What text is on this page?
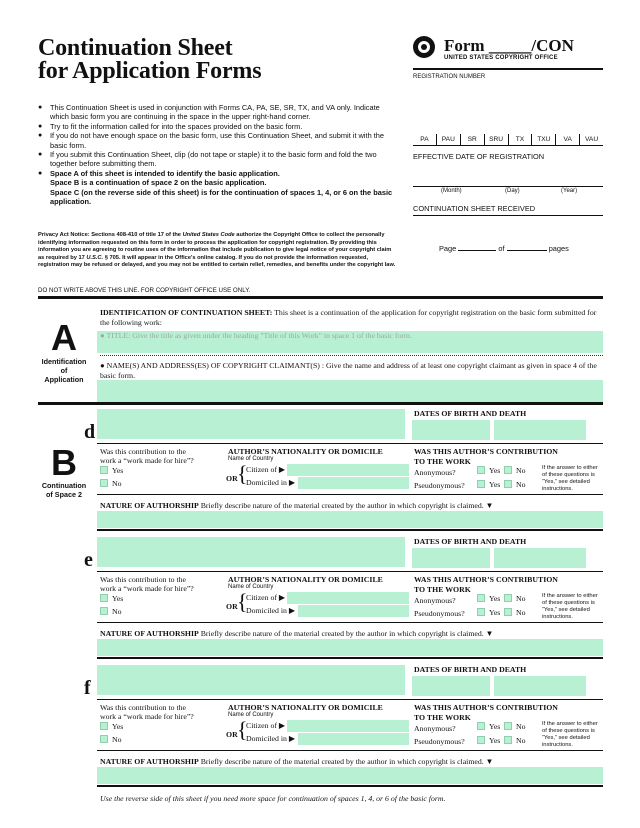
Continuation Sheet
for Application Forms
Form _____/CON
UNITED STATES COPYRIGHT OFFICE
REGISTRATION NUMBER
PA	PAU	SR	SRU	TX	TXU	VA	VAU
EFFECTIVE DATE OF REGISTRATION
(Month)	(Day)	(Year)
CONTINUATION SHEET RECEIVED
Page	of	pages
● This Continuation Sheet is used in conjunction with Forms CA, PA, SE, SR, TX, and VA only. Indicate which basic form you are continuing in the space in the upper right-hand corner.
● Try to fit the information called for into the spaces provided on the basic form.
● If you do not have enough space on the basic form, use this Continuation Sheet, and submit it with the basic form.
● If you submit this Continuation Sheet, clip (do not tape or staple) it to the basic form and fold the two together before submitting them.
● Space A of this sheet is intended to identify the basic application.
Space B is a continuation of space 2 on the basic application.
Space C (on the reverse side of this sheet) is for the continuation of spaces 1, 4, or 6 on the basic application.
Privacy Act Notice: Sections 408-410 of title 17 of the United States Code authorize the Copyright Office to collect the personally identifying information requested on this form in order to process the application for copyright registration. By providing this information you are agreeing to routine uses of the information that include publication to give legal notice of your copyright claim as required by 17 U.S.C. § 705. It will appear in the Office's online catalog. If you do not provide the information requested, registration may be refused or delayed, and you may not be entitled to certain relief, remedies, and benefits under the copyright law.
DO NOT WRITE ABOVE THIS LINE. FOR COPYRIGHT OFFICE USE ONLY.
A
Identification
of
Application
IDENTIFICATION OF CONTINUATION SHEET: This sheet is a continuation of the application for copyright registration on the basic form submitted for the following work:
● TITLE: Give the title as given under the heading "Title of this Work" in space 1 of the basic form.
● NAME(S) AND ADDRESS(ES) OF COPYRIGHT CLAIMANT(S) : Give the name and address of at least one copyright claimant as given in space 4 of the basic form.
B
Continuation
of Space 2
DATES OF BIRTH AND DEATH
d
Was this contribution to the
work a “work made for hire”?
Yes
No
AUTHOR’S NATIONALITY OR DOMICILE
Name of Country
OR {
Citizen of ▶
Domiciled in ▶
WAS THIS AUTHOR’S CONTRIBUTION
TO THE WORK
Anonymous?	Yes	No
Pseudonymous?	Yes	No
If the answer to either
of these questions is
“Yes,” see detailed
instructions.
NATURE OF AUTHORSHIP Briefly describe nature of the material created by the author in which copyright is claimed. ▼
DATES OF BIRTH AND DEATH
e
Was this contribution to the
work a “work made for hire”?
Yes
No
AUTHOR’S NATIONALITY OR DOMICILE
Name of Country
OR {
Citizen of ▶
Domiciled in ▶
WAS THIS AUTHOR’S CONTRIBUTION
TO THE WORK
Anonymous?	Yes	No
Pseudonymous?	Yes	No
If the answer to either
of these questions is
“Yes,” see detailed
instructions.
NATURE OF AUTHORSHIP Briefly describe nature of the material created by the author in which copyright is claimed. ▼
DATES OF BIRTH AND DEATH
f
Was this contribution to the
work a “work made for hire”?
Yes
No
AUTHOR’S NATIONALITY OR DOMICILE
Name of Country
OR {
Citizen of ▶
Domiciled in ▶
WAS THIS AUTHOR’S CONTRIBUTION
TO THE WORK
Anonymous?	Yes	No
Pseudonymous?	Yes	No
If the answer to either
of these questions is
“Yes,” see detailed
instructions.
NATURE OF AUTHORSHIP Briefly describe nature of the material created by the author in which copyright is claimed. ▼
Use the reverse side of this sheet if you need more space for continuation of spaces 1, 4, or 6 of the basic form.
